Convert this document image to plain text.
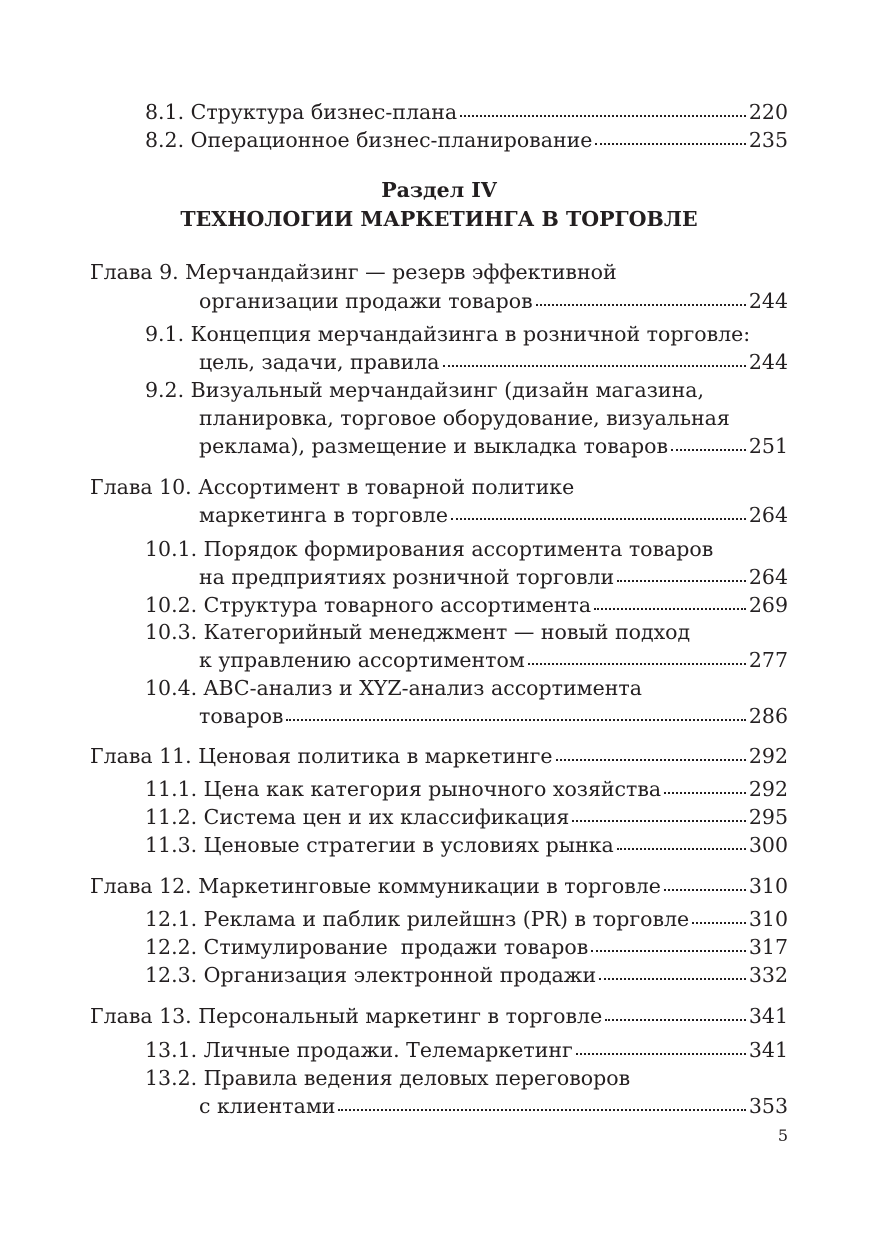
8.1. Структура бизнес-плана	220
8.2. Операционное бизнес-планирование	235
Раздел IV
ТЕХНОЛОГИИ МАРКЕТИНГА В ТОРГОВЛЕ
Глава 9. Мерчандайзинг — резерв эффективной
организации продажи товаров	244
9.1. Концепция мерчандайзинга в розничной торговле:
цель, задачи, правила	244
9.2. Визуальный мерчандайзинг (дизайн магазина,
планировка, торговое оборудование, визуальная
реклама), размещение и выкладка товаров	251
Глава 10. Ассортимент в товарной политике
маркетинга в торговле	264
10.1. Порядок формирования ассортимента товаров
на предприятиях розничной торговли	264
10.2. Структура товарного ассортимента	269
10.3. Категорийный менеджмент — новый подход
к управлению ассортиментом	277
10.4. ABC-анализ и XYZ-анализ ассортимента
товаров	286
Глава 11. Ценовая политика в маркетинге	292
11.1. Цена как категория рыночного хозяйства	292
11.2. Система цен и их классификация	295
11.3. Ценовые стратегии в условиях рынка	300
Глава 12. Маркетинговые коммуникации в торговле	310
12.1. Реклама и паблик рилейшнз (PR) в торговле	310
12.2. Стимулирование  продажи товаров	317
12.3. Организация электронной продажи	332
Глава 13. Персональный маркетинг в торговле	341
13.1. Личные продажи. Телемаркетинг	341
13.2. Правила ведения деловых переговоров
с клиентами	353
5
